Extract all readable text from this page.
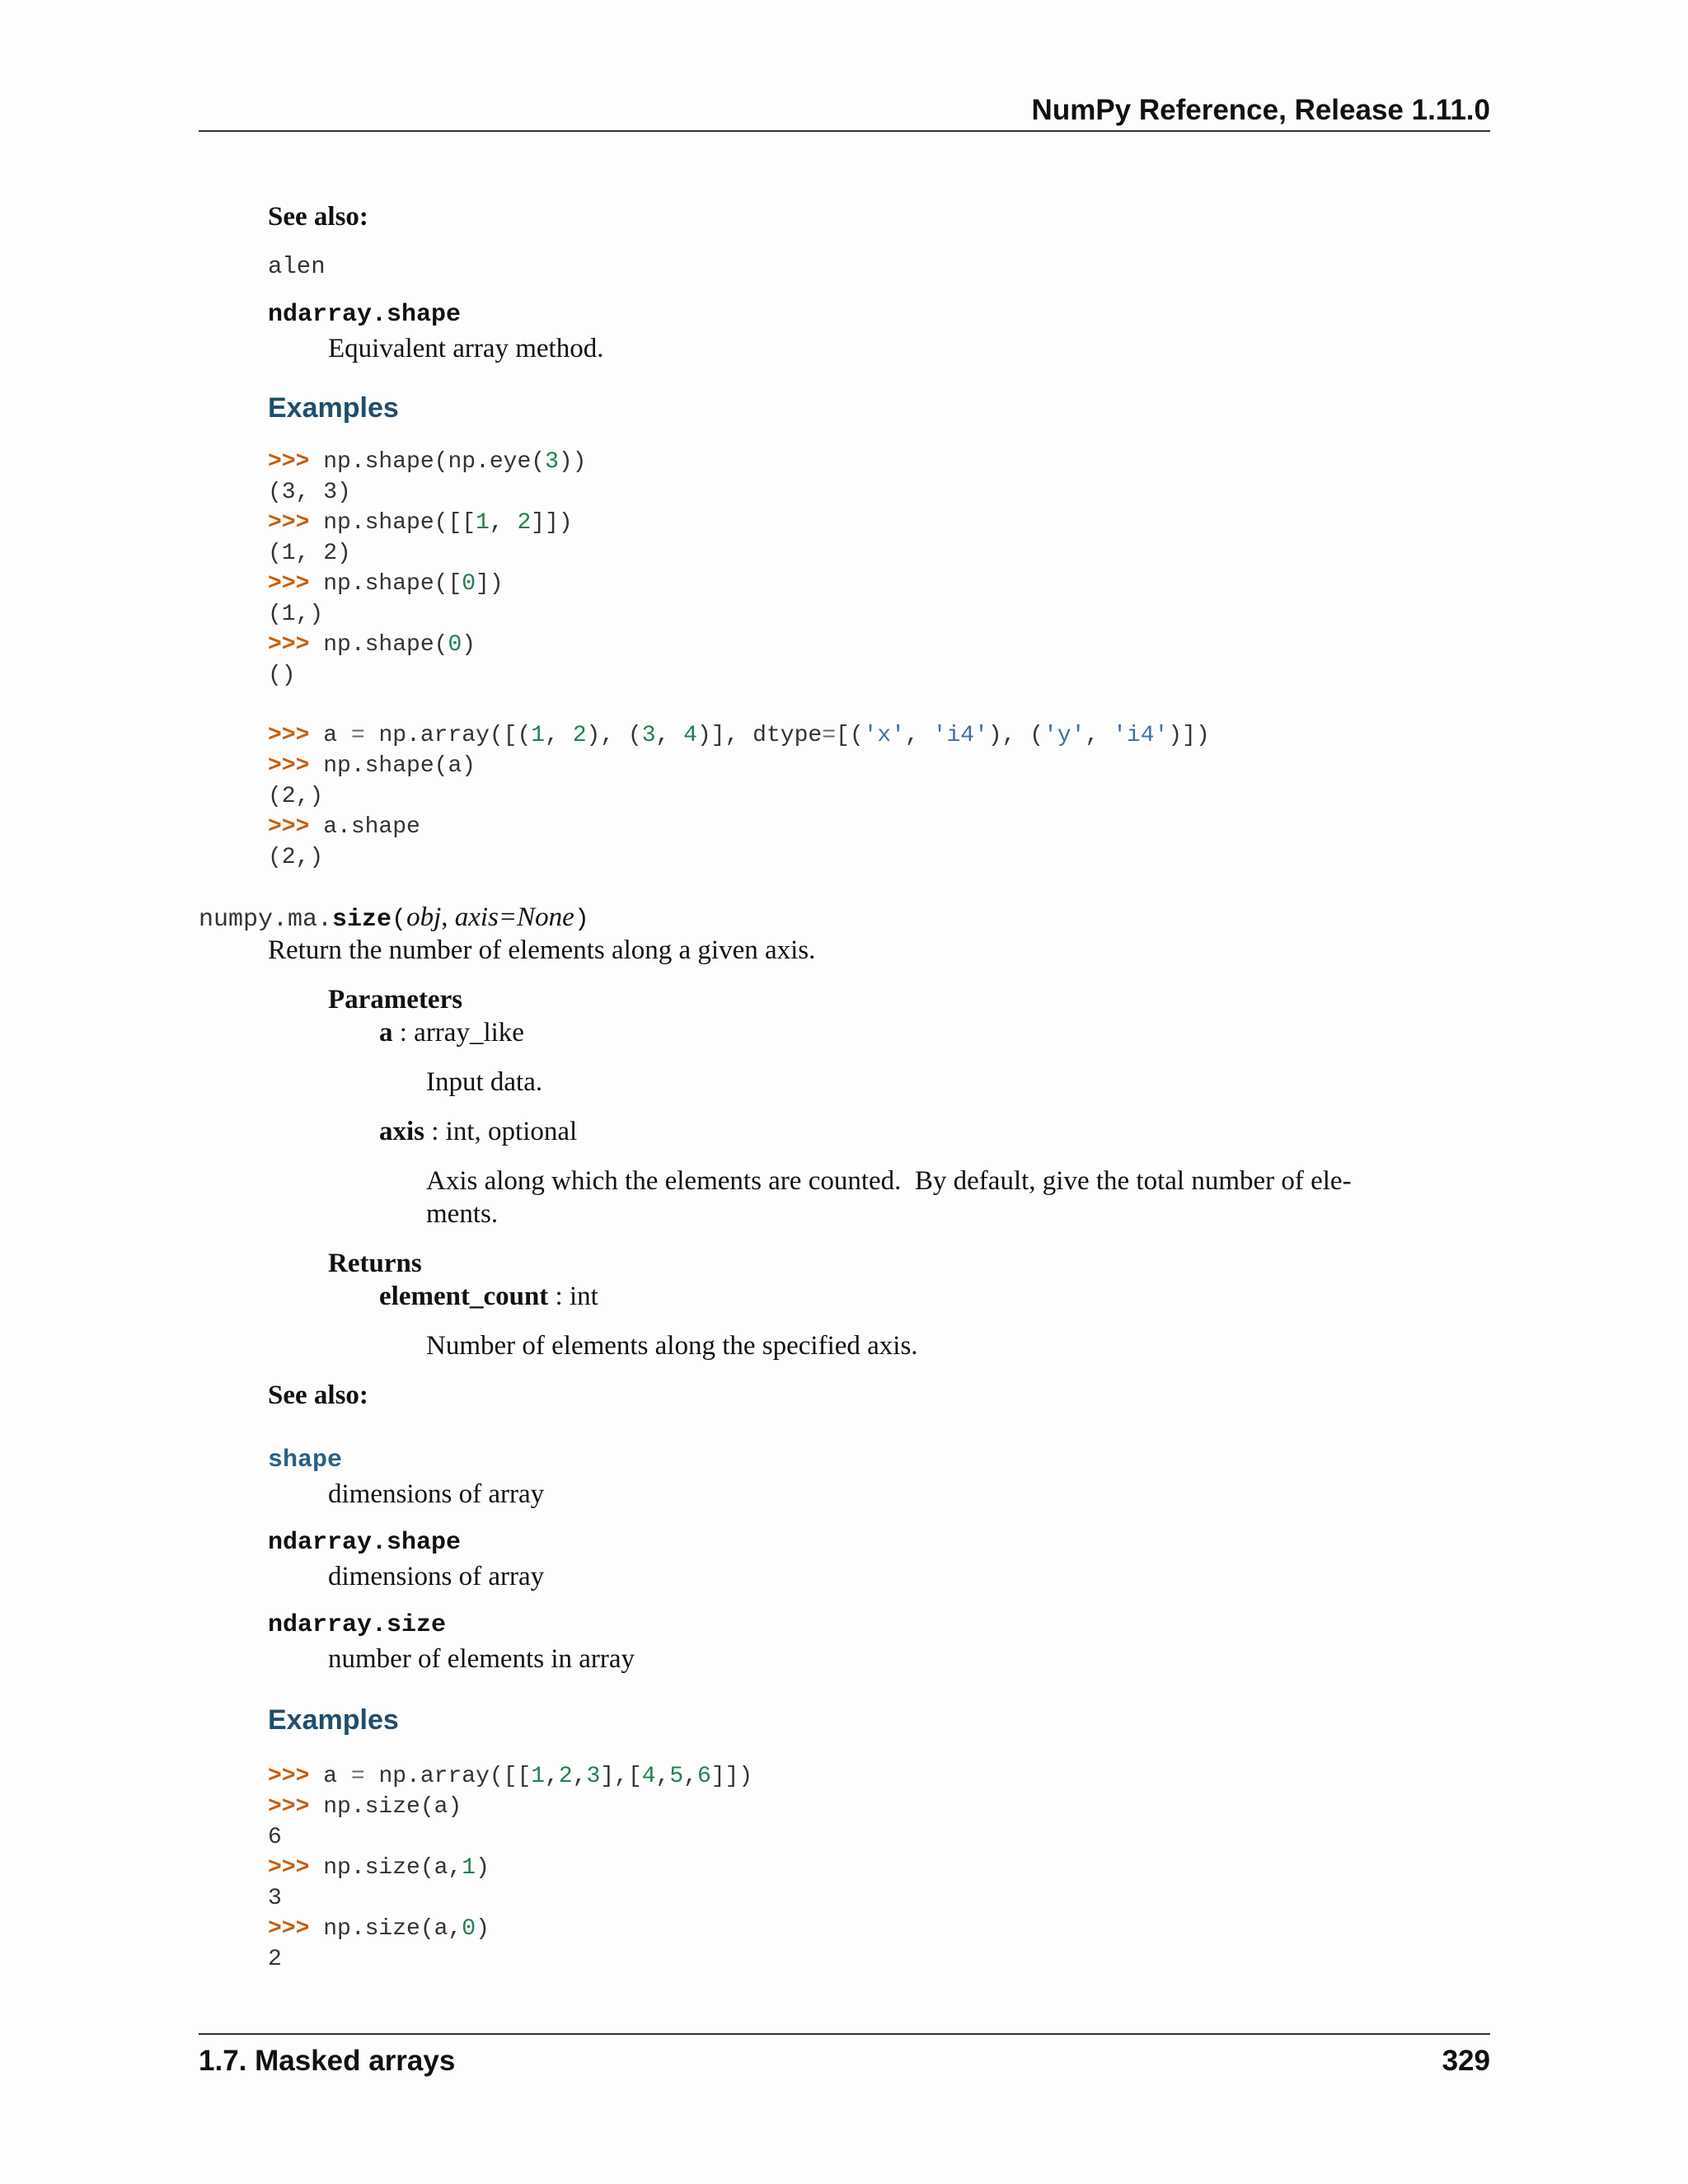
NumPy Reference, Release 1.11.0
See also:
alen
ndarray.shape
Equivalent array method.
Examples
>>> np.shape(np.eye(3))
(3, 3)
>>> np.shape([[1, 2]])
(1, 2)
>>> np.shape([0])
(1,)
>>> np.shape(0)
()
>>> a = np.array([(1, 2), (3, 4)], dtype=[('x', 'i4'), ('y', 'i4')])
>>> np.shape(a)
(2,)
>>> a.shape
(2,)
numpy.ma.size(obj, axis=None)
Return the number of elements along a given axis.
Parameters
a : array_like
Input data.
axis : int, optional
Axis along which the elements are counted.  By default, give the total number of ele-
ments.
Returns
element_count : int
Number of elements along the specified axis.
See also:
shape
dimensions of array
ndarray.shape
dimensions of array
ndarray.size
number of elements in array
Examples
>>> a = np.array([[1,2,3],[4,5,6]])
>>> np.size(a)
6
>>> np.size(a,1)
3
>>> np.size(a,0)
2
1.7. Masked arrays	329
